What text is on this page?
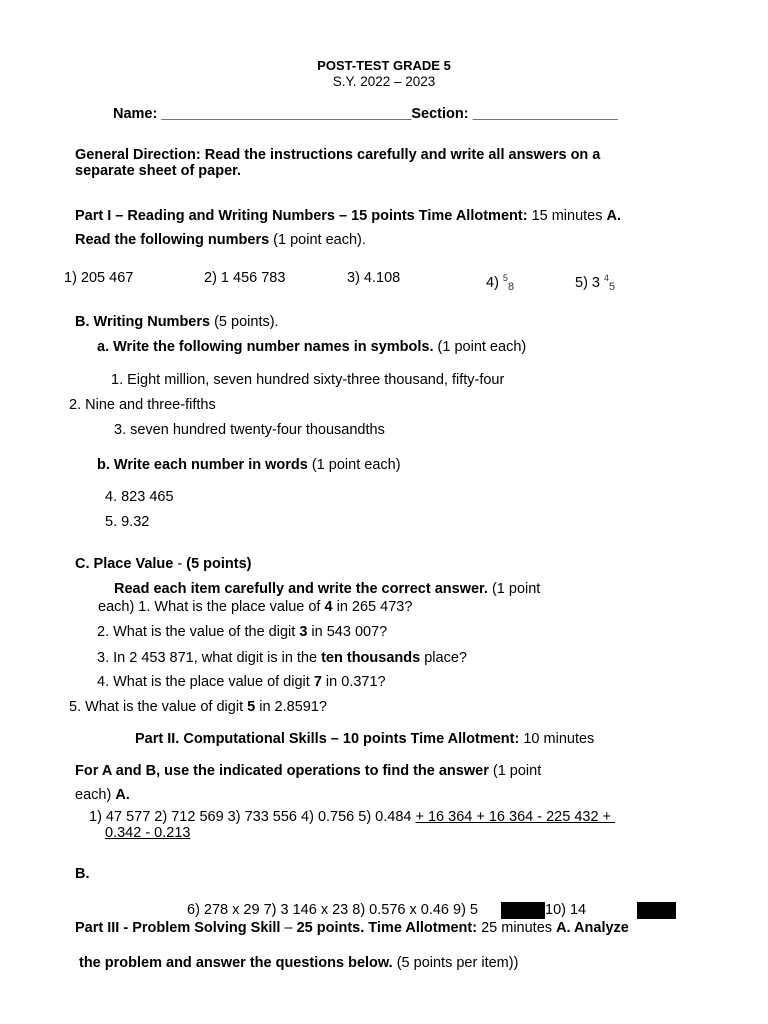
POST-TEST GRADE 5
S.Y. 2022 – 2023
Name: _______________________________Section: __________________
General Direction: Read the instructions carefully and write all answers on a
separate sheet of paper.
Part I – Reading and Writing Numbers – 15 points Time Allotment: 15 minutes A.
Read the following numbers (1 point each).
1) 205 467	2) 1 456 783	3) 4.108	4) $^5_8$	5) 3 $^4_5$
B. Writing Numbers (5 points).
a. Write the following number names in symbols. (1 point each)
1. Eight million, seven hundred sixty-three thousand, fifty-four
2. Nine and three-fifths
3. seven hundred twenty-four thousandths
b. Write each number in words (1 point each)
4. 823 465
5. 9.32
C. Place Value - (5 points)
Read each item carefully and write the correct answer. (1 point
each) 1. What is the place value of 4 in 265 473?
2. What is the value of the digit 3 in 543 007?
3. In 2 453 871, what digit is in the ten thousands place?
4. What is the place value of digit 7 in 0.371?
5. What is the value of digit 5 in 2.8591?
Part II. Computational Skills – 10 points Time Allotment: 10 minutes
For A and B, use the indicated operations to find the answer (1 point
each) A.
1) 47 577 2) 712 569 3) 733 556 4) 0.756 5) 0.484 + 16 364 + 16 364 - 225 432 +
0.342 - 0.213
B.
6) 278 x 29 7) 3 146 x 23 8) 0.576 x 0.46 9) 5	10) 14
Part III - Problem Solving Skill – 25 points. Time Allotment: 25 minutes A. Analyze
the problem and answer the questions below. (5 points per item))
